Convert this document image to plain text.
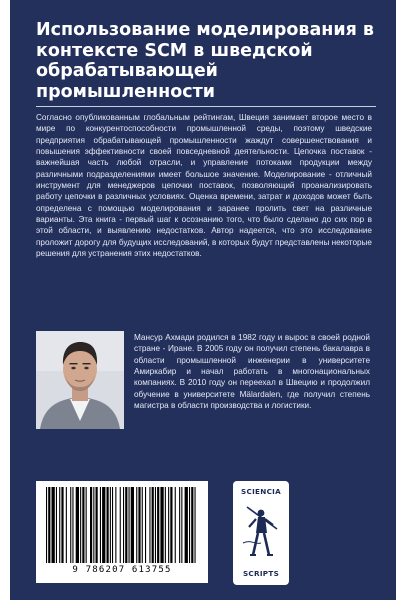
Использование моделирования в контексте SCM в шведской обрабатывающей промышленности
Согласно опубликованным глобальным рейтингам, Швеция занимает второе место в мире по конкурентоспособности промышленной среды, поэтому шведские предприятия обрабатывающей промышленности жаждут совершенствования и повышения эффективности своей повседневной деятельности. Цепочка поставок - важнейшая часть любой отрасли, и управление потоками продукции между различными подразделениями имеет большое значение. Моделирование - отличный инструмент для менеджеров цепочки поставок, позволяющий проанализировать работу цепочки в различных условиях. Оценка времени, затрат и доходов может быть определена с помощью моделирования и заранее пролить свет на различные варианты. Эта книга - первый шаг к осознанию того, что было сделано до сих пор в этой области, и выявлению недостатков. Автор надеется, что это исследование проложит дорогу для будущих исследований, в которых будут представлены некоторые решения для устранения этих недостатков.
Мансур Ахмади родился в 1982 году и вырос в своей родной стране - Иране. В 2005 году он получил степень бакалавра в области промышленной инженерии в университете Амиркабир и начал работать в многонациональных компаниях. В 2010 году он переехал в Швецию и продолжил обучение в университете Mälardalen, где получил степень магистра в области производства и логистики.
9 786207 613755
SCIENCIA
SCRIPTS
